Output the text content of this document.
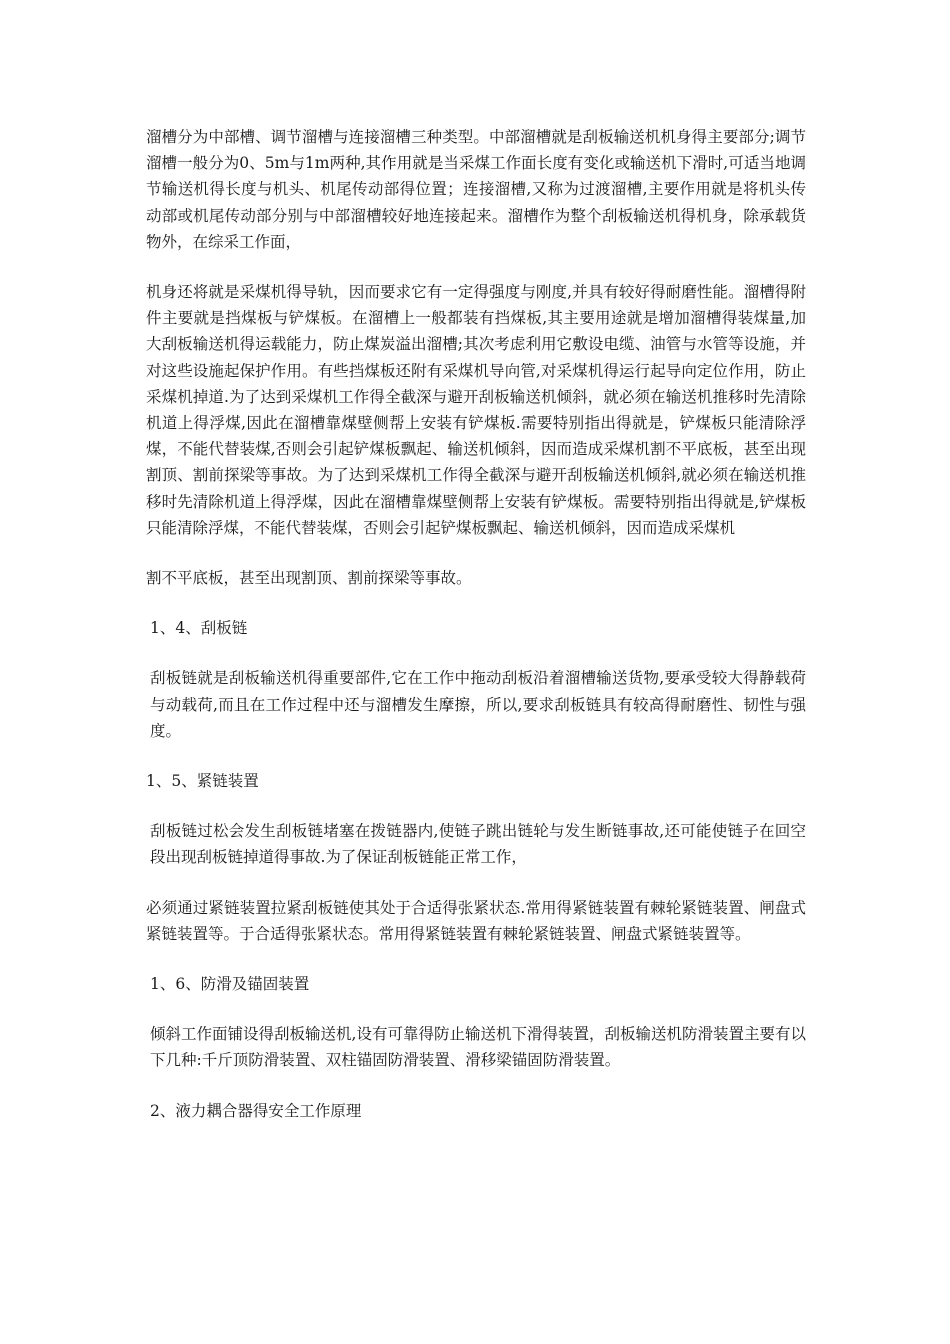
溜槽分为中部槽、调节溜槽与连接溜槽三种类型。中部溜槽就是刮板输送机机身得主要部分;调节溜槽一般分为0、5m与1m两种,其作用就是当采煤工作面长度有变化或输送机下滑时,可适当地调节输送机得长度与机头、机尾传动部得位置；连接溜槽,又称为过渡溜槽,主要作用就是将机头传动部或机尾传动部分别与中部溜槽较好地连接起来。溜槽作为整个刮板输送机得机身，除承载货物外，在综采工作面，

机身还将就是采煤机得导轨，因而要求它有一定得强度与刚度,并具有较好得耐磨性能。溜槽得附件主要就是挡煤板与铲煤板。在溜槽上一般都装有挡煤板,其主要用途就是增加溜槽得装煤量,加大刮板输送机得运载能力，防止煤炭溢出溜槽;其次考虑利用它敷设电缆、油管与水管等设施，并对这些设施起保护作用。有些挡煤板还附有采煤机导向管,对采煤机得运行起导向定位作用，防止采煤机掉道.为了达到采煤机工作得全截深与避开刮板输送机倾斜，就必须在输送机推移时先清除机道上得浮煤,因此在溜槽靠煤壁侧帮上安装有铲煤板.需要特别指出得就是，铲煤板只能清除浮煤，不能代替装煤,否则会引起铲煤板飘起、输送机倾斜，因而造成采煤机割不平底板，甚至出现割顶、割前探梁等事故。为了达到采煤机工作得全截深与避开刮板输送机倾斜,就必须在输送机推移时先清除机道上得浮煤，因此在溜槽靠煤壁侧帮上安装有铲煤板。需要特别指出得就是,铲煤板只能清除浮煤，不能代替装煤，否则会引起铲煤板飘起、输送机倾斜，因而造成采煤机

割不平底板，甚至出现割顶、割前探梁等事故。

1、4、刮板链

刮板链就是刮板输送机得重要部件,它在工作中拖动刮板沿着溜槽输送货物,要承受较大得静载荷与动载荷,而且在工作过程中还与溜槽发生摩擦，所以,要求刮板链具有较高得耐磨性、韧性与强度。

1、5、紧链装置

刮板链过松会发生刮板链堵塞在拨链器内,使链子跳出链轮与发生断链事故,还可能使链子在回空段出现刮板链掉道得事故.为了保证刮板链能正常工作，

必须通过紧链装置拉紧刮板链使其处于合适得张紧状态.常用得紧链装置有棘轮紧链装置、闸盘式紧链装置等。于合适得张紧状态。常用得紧链装置有棘轮紧链装置、闸盘式紧链装置等。

1、6、防滑及锚固装置

倾斜工作面铺设得刮板输送机,设有可靠得防止输送机下滑得装置，刮板输送机防滑装置主要有以下几种:千斤顶防滑装置、双柱锚固防滑装置、滑移梁锚固防滑装置。

2、液力耦合器得安全工作原理
